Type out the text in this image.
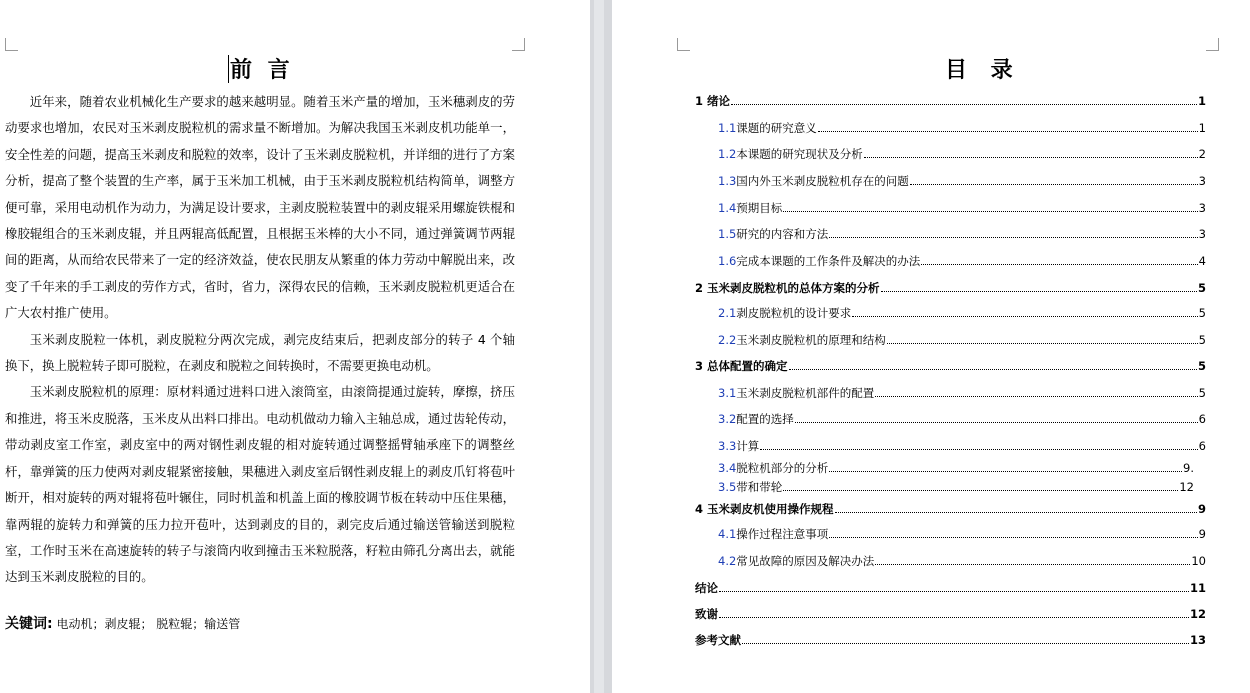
前 言

近年来，随着农业机械化生产要求的越来越明显。随着玉米产量的增加，玉米穗剥皮的劳动要求也增加，农民对玉米剥皮脱粒机的需求量不断增加。为解决我国玉米剥皮机功能单一，安全性差的问题，提高玉米剥皮和脱粒的效率，设计了玉米剥皮脱粒机，并详细的进行了方案分析，提高了整个装置的生产率，属于玉米加工机械，由于玉米剥皮脱粒机结构简单，调整方便可靠，采用电动机作为动力，为满足设计要求，主剥皮脱粒装置中的剥皮辊采用螺旋铁棍和橡胶辊组合的玉米剥皮辊，并且两辊高低配置，且根据玉米棒的大小不同，通过弹簧调节两辊间的距离，从而给农民带来了一定的经济效益，使农民朋友从繁重的体力劳动中解脱出来，改变了千年来的手工剥皮的劳作方式，省时，省力，深得农民的信赖，玉米剥皮脱粒机更适合在广大农村推广使用。

玉米剥皮脱粒一体机，剥皮脱粒分两次完成，剥完皮结束后，把剥皮部分的转子 4 个轴换下，换上脱粒转子即可脱粒，在剥皮和脱粒之间转换时，不需要更换电动机。

玉米剥皮脱粒机的原理：原材料通过进料口进入滚筒室，由滚筒提通过旋转，摩擦，挤压和推进，将玉米皮脱落，玉米皮从出料口排出。电动机做动力输入主轴总成，通过齿轮传动，带动剥皮室工作室，剥皮室中的两对钢性剥皮辊的相对旋转通过调整摇臂轴承座下的调整丝杆，靠弹簧的压力使两对剥皮辊紧密接触，果穗进入剥皮室后钢性剥皮辊上的剥皮爪钉将苞叶断开，相对旋转的两对辊将苞叶辗住，同时机盖和机盖上面的橡胶调节板在转动中压住果穗，靠两辊的旋转力和弹簧的压力拉开苞叶，达到剥皮的目的，剥完皮后通过输送管输送到脱粒室，工作时玉米在高速旋转的转子与滚筒内收到撞击玉米粒脱落，籽粒由筛孔分离出去，就能达到玉米剥皮脱粒的目的。

关键词: 电动机；剥皮辊； 脱粒辊；输送管
目 录
1 绪论	1
1.1 课题的研究意义	1
1.2 本课题的研究现状及分析	2
1.3 国内外玉米剥皮脱粒机存在的问题	3
1.4 预期目标	3
1.5 研究的内容和方法	3
1.6 完成本课题的工作条件及解决的办法	4
2 玉米剥皮脱粒机的总体方案的分析	5
2.1 剥皮脱粒机的设计要求	5
2.2 玉米剥皮脱粒机的原理和结构	5
3 总体配置的确定	5
3.1 玉米剥皮脱粒机部件的配置	5
3.2 配置的选择	6
3.3 计算	6
3.4 脱粒机部分的分析	9.
3.5 带和带轮	12
4 玉米剥皮机使用操作规程	9
4.1 操作过程注意事项	9
4.2 常见故障的原因及解决办法	10
结论	11
致谢	12
参考文献	13
